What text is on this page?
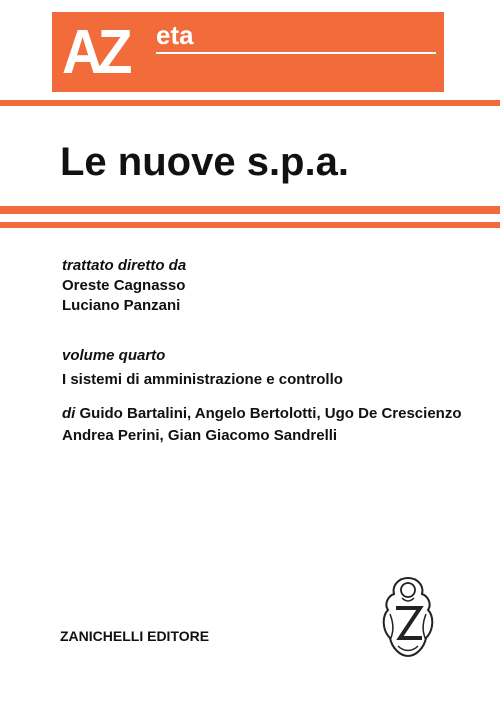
AZ eta
Le nuove s.p.a.
trattato diretto da
Oreste Cagnasso
Luciano Panzani
volume quarto
I sistemi di amministrazione e controllo
di Guido Bartalini, Angelo Bertolotti, Ugo De Crescienzo
Andrea Perini, Gian Giacomo Sandrelli
ZANICHELLI EDITORE
